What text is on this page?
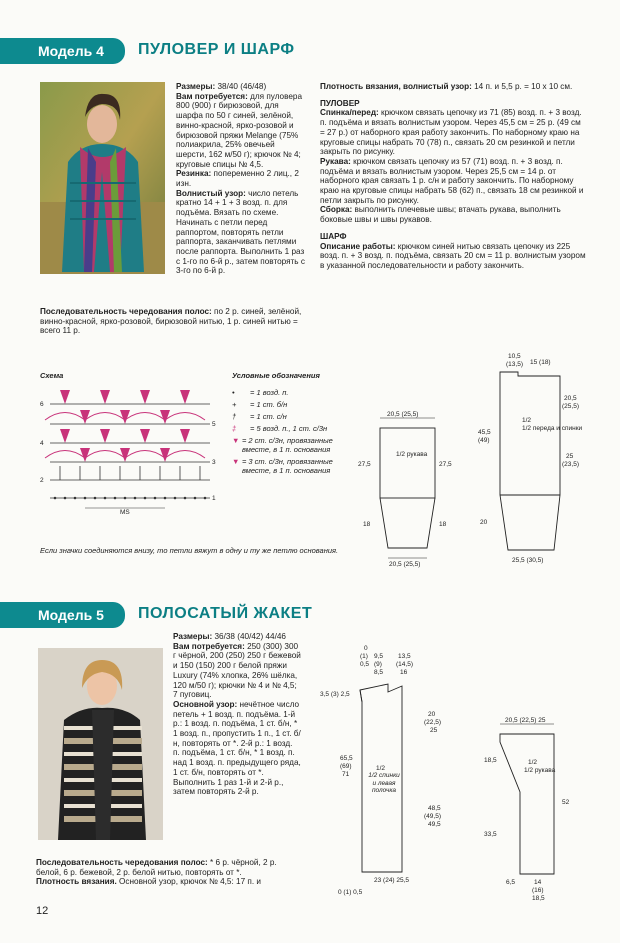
Модель 4	ПУЛОВЕР И ШАРФ
Размеры: 38/40 (46/48)
Вам потребуется: для пуловера 800 (900) г бирюзовой, для шарфа по 50 г синей, зелёной, винно-красной, ярко-розовой и бирюзовой пряжи Melange (75% полиакрила, 25% овечьей шерсти, 162 м/50 г); крючок № 4; круговые спицы № 4,5.
Резинка: попеременно 2 лиц., 2 изн.
Волнистый узор: число петель кратно 14 + 1 + 3 возд. п. для подъёма. Вязать по схеме. Начинать с петли перед раппортом, повторять петли раппорта, заканчивать петлями после раппорта. Выполнить 1 раз с 1-го по 6-й р., затем повторять с 3-го по 6-й р.
Последовательность чередования полос: по 2 р. синей, зелёной, винно-красной, ярко-розовой, бирюзовой нитью, 1 р. синей нитью = всего 11 р.
Плотность вязания, волнистый узор: 14 п. и 5,5 р. = 10 x 10 см.
ПУЛОВЕР
Спинка/перед: крючком связать цепочку из 71 (85) возд. п. + 3 возд. п. подъёма и вязать волнистым узором. Через 45,5 см = 25 р. (49 см = 27 р.) от наборного края работу закончить. По наборному краю на круговые спицы набрать 70 (78) п., связать 20 см резинкой и петли закрыть по рисунку.
Рукава: крючком связать цепочку из 57 (71) возд. п. + 3 возд. п. подъёма и вязать волнистым узором. Через 25,5 см = 14 р. от наборного края связать 1 р. с/н и работу закончить. По наборному краю на круговые спицы набрать 58 (62) п., связать 18 см резинкой и петли закрыть по рисунку.
Сборка: выполнить плечевые швы; втачать рукава, выполнить боковые швы и швы рукавов.
ШАРФ
Описание работы: крючком синей нитью связать цепочку из 225 возд. п. + 3 возд. п. подъёма, связать 20 см = 11 р. волнистым узором в указанной последовательности и работу закончить.
Схема
6
5
4
3
2
1
MS
Условные обозначения
•	= 1 возд. п.
+	= 1 ст. б/н
†	= 1 ст. с/н
‡	= 5 возд. п., 1 ст. с/3н
▼ = 2 ст. с/3н, провязанные вместе, в 1 п. основания
▼ = 3 ст. с/3н, провязанные вместе, в 1 п. основания
Если значки соединяются внизу, то петли вяжут в одну и ту же петлю основания.
20,5 (25,5)
1/2 рукава
27,5	27,5
18	18
20,5 (25,5)
10,5
(13,5) 15 (18)
1/2
1/2 переда и спинки
45,5
(49)
20,5
(25,5)
25
(23,5)
20
25,5 (30,5)
Модель 5	ПОЛОСАТЫЙ ЖАКЕТ
Размеры: 36/38 (40/42) 44/46
Вам потребуется: 250 (300) 300 г чёрной, 200 (250) 250 г бежевой и 150 (150) 200 г белой пряжи Luxury (74% хлопка, 26% шёлка, 120 м/50 г); крючки № 4 и № 4,5; 7 пуговиц.
Основной узор: нечётное число петель + 1 возд. п. подъёма. 1-й р.: 1 возд. п. подъёма, 1 ст. б/н, * 1 возд. п., пропустить 1 п., 1 ст. б/н, повторять от *. 2-й р.: 1 возд. п. подъёма, 1 ст. б/н, * 1 возд. п. над 1 возд. п. предыдущего ряда, 1 ст. б/н, повторять от *. Выполнить 1 раз 1-й и 2-й р., затем повторять 2-й р.
Последовательность чередования полос: * 6 р. чёрной, 2 р. белой, 6 р. бежевой, 2 р. белой нитью, повторять от *.
Плотность вязания. Основной узор, крючок № 4,5: 17 п. и
0
(1)
0,5
9,5
(9)
8,5
13,5
(14,5)
16
3,5 (3) 2,5
20
(22,5)
25
65,5
(69)
71
1/2
1/2 спинки и левая полочка
48,5
(49,5)
49,5
23 (24) 25,5
0 (1) 0,5
20,5 (22,5) 25
1/2
1/2 рукава
18,5
33,5
52
6,5	14
(16)
18,5
12
